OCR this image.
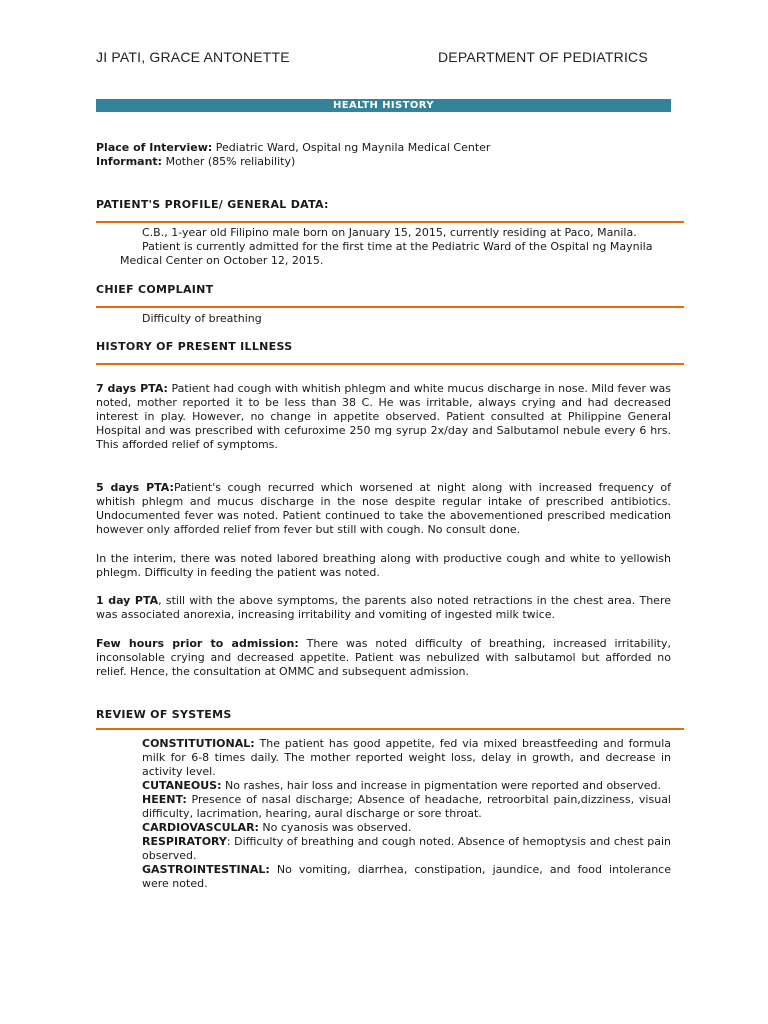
JI PATI, GRACE ANTONETTE	DEPARTMENT OF PEDIATRICS
HEALTH HISTORY
Place of Interview: Pediatric Ward, Ospital ng Maynila Medical Center
Informant: Mother (85% reliability)
PATIENT'S PROFILE/ GENERAL DATA:
C.B., 1-year old Filipino male born on January 15, 2015, currently residing at Paco, Manila.
Patient is currently admitted for the first time at the Pediatric Ward of the Ospital ng Maynila
Medical Center on October 12, 2015.
CHIEF COMPLAINT
Difficulty of breathing
HISTORY OF PRESENT ILLNESS
7 days PTA: Patient had cough with whitish phlegm and white mucus discharge in nose. Mild fever was noted, mother reported it to be less than 38 C. He was irritable, always crying and had decreased interest in play. However, no change in appetite observed. Patient consulted at Philippine General Hospital and was prescribed with cefuroxime 250 mg syrup 2x/day and Salbutamol nebule every 6 hrs. This afforded relief of symptoms.
5 days PTA:Patient's cough recurred which worsened at night along with increased frequency of whitish phlegm and mucus discharge in the nose despite regular intake of prescribed antibiotics. Undocumented fever was noted. Patient continued to take the abovementioned prescribed medication however only afforded relief from fever but still with cough. No consult done.
In the interim, there was noted labored breathing along with productive cough and white to yellowish phlegm. Difficulty in feeding the patient was noted.
1 day PTA, still with the above symptoms, the parents also noted retractions in the chest area. There was associated anorexia, increasing irritability and vomiting of ingested milk twice.
Few hours prior to admission: There was noted difficulty of breathing, increased irritability, inconsolable crying and decreased appetite. Patient was nebulized with salbutamol but afforded no relief. Hence, the consultation at OMMC and subsequent admission.
REVIEW OF SYSTEMS
CONSTITUTIONAL: The patient has good appetite, fed via mixed breastfeeding and formula milk for 6-8 times daily. The mother reported weight loss, delay in growth, and decrease in activity level.
CUTANEOUS: No rashes, hair loss and increase in pigmentation were reported and observed.
HEENT: Presence of nasal discharge; Absence of headache, retroorbital pain,dizziness, visual difficulty, lacrimation, hearing, aural discharge or sore throat.
CARDIOVASCULAR: No cyanosis was observed.
RESPIRATORY: Difficulty of breathing and cough noted. Absence of hemoptysis and chest pain observed.
GASTROINTESTINAL: No vomiting, diarrhea, constipation, jaundice, and food intolerance were noted.
